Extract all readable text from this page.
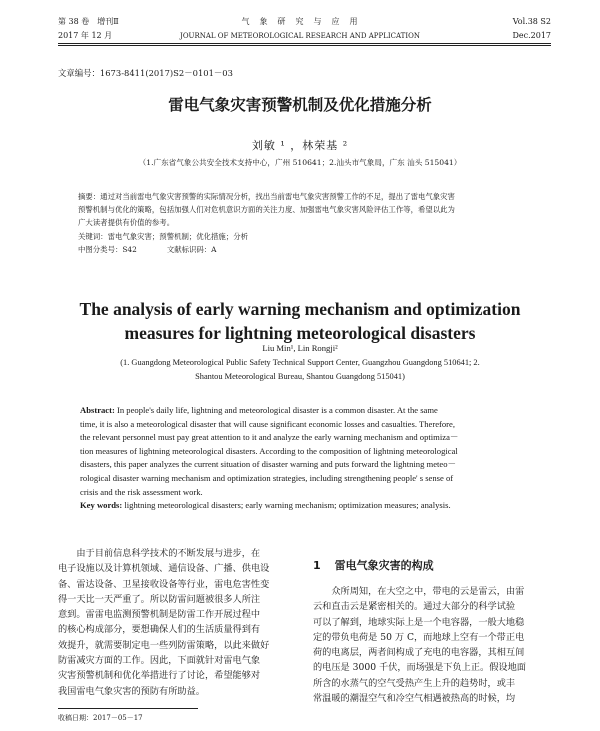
第 38 卷　增刊Ⅱ
2017 年 12 月
气　象　研　究　与　应　用
JOURNAL OF METEOROLOGICAL RESEARCH AND APPLICATION
Vol.38 S2
Dec.2017
文章编号：1673-8411(2017)S2－0101－03
雷电气象灾害预警机制及优化措施分析
刘敏 ¹ ，林荣基 ²
（1.广东省气象公共安全技术支持中心，广州 510641；2.汕头市气象局，广东 汕头 515041）
摘要：通过对当前雷电气象灾害预警的实际情况分析，找出当前雷电气象灾害预警工作的不足，提出了雷电气象灾害
预警机制与优化的策略，包括加强人们对危机意识方面的关注力度、加强雷电气象灾害风险评估工作等，希望以此为
广大读者提供有价值的参考。
关键词：雷电气象灾害；预警机制；优化措施；分析
中图分类号：S42	文献标识码：A
The analysis of early warning mechanism and optimization
measures for lightning meteorological disasters
Liu Min¹, Lin Rongji²
(1. Guangdong Meteorological Public Safety Technical Support Center, Guangzhou Guangdong 510641; 2.
Shantou Meteorological Bureau, Shantou Guangdong 515041)
Abstract: In people's daily life, lightning and meteorological disaster is a common disaster. At the same
time, it is also a meteorological disaster that will cause significant economic losses and casualties. Therefore,
the relevant personnel must pay great attention to it and analyze the early warning mechanism and optimiza－
tion measures of lightning meteorological disasters. According to the composition of lightning meteorological
disasters, this paper analyzes the current situation of disaster warning and puts forward the lightning meteo－
rological disaster warning mechanism and optimization strategies, including strengthening people' s sense of
crisis and the risk assessment work.
Key words: lightning meteorological disasters; early warning mechanism; optimization measures; analysis.
　　由于目前信息科学技术的不断发展与进步，在
电子设施以及计算机领域、通信设备、广播、供电设
备、雷达设备、卫星接收设备等行业，雷电危害性变
得一天比一天严重了。所以防雷问题被很多人所注
意到。雷雷电监测预警机制是防雷工作开展过程中
的核心构成部分，要想确保人们的生活质量得到有
效提升，就需要制定电一些列防雷策略，以此来做好
防雷减灾方面的工作。因此，下面就针对雷电气象
灾害预警机制和优化举措进行了讨论，希望能够对
我国雷电气象灾害的预防有所助益。
收稿日期：2017－05－17
1 雷电气象灾害的构成
　　众所周知，在大空之中，带电的云是雷云，由雷
云和直击云是紧密相关的。通过大部分的科学试验
可以了解到，地球实际上是一个电容器，一般大地稳
定的带负电荷是 50 万 C，而地球上空有一个带正电
荷的电离层，两者间构成了充电的电容器，其相互间
的电压是 3000 千伏，而场强是下负上正。假设地面
所含的水蒸气的空气受热产生上升的趋势时，或丰
常温暖的潮湿空气和冷空气相遇被热高的时候，均
